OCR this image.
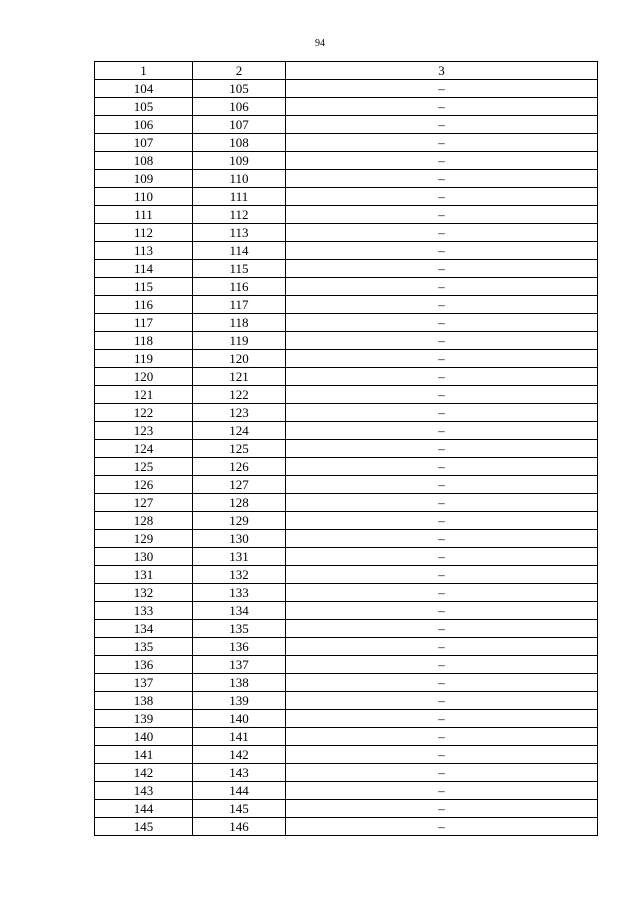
94
1	2	3
104	105	–
105	106	–
106	107	–
107	108	–
108	109	–
109	110	–
110	111	–
111	112	–
112	113	–
113	114	–
114	115	–
115	116	–
116	117	–
117	118	–
118	119	–
119	120	–
120	121	–
121	122	–
122	123	–
123	124	–
124	125	–
125	126	–
126	127	–
127	128	–
128	129	–
129	130	–
130	131	–
131	132	–
132	133	–
133	134	–
134	135	–
135	136	–
136	137	–
137	138	–
138	139	–
139	140	–
140	141	–
141	142	–
142	143	–
143	144	–
144	145	–
145	146	–
